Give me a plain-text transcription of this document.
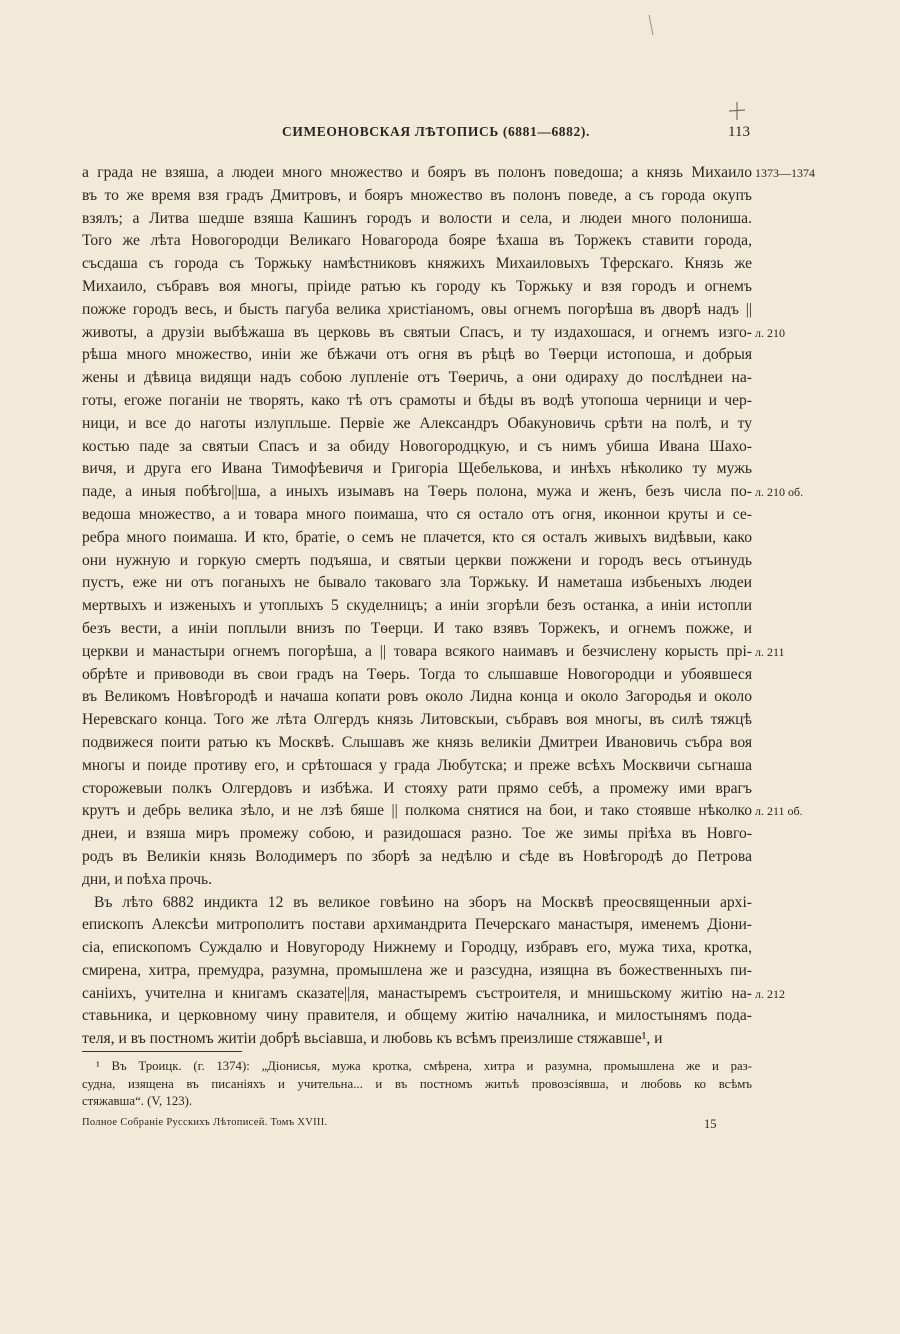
СИМЕОНОВСКАЯ ЛѢТОПИСЬ (6881—6882).	113
а града не взяша, а людеи много множество и бояръ въ полонъ поведоша; а князь Михаило
въ то же время взя градъ Дмитровъ, и бояръ множество въ полонъ поведе, а съ города окупъ
взялъ; а Литва шедше взяша Кашинъ городъ и волости и села, и людеи много полониша.
Того же лѣта Новогородци Великаго Новагорода бояре ѣхаша въ Торжекъ ставити города,
съсдаша съ города съ Торжьку намѣстниковъ княжихъ Михаиловыхъ Тферскаго. Князь же
Михаило, събравъ воя многы, прiиде ратью къ городу къ Торжьку и взя городъ и огнемъ
пожже городъ весь, и бысть пагуба велика христiаномъ, овы огнемъ погорѣша въ дворѣ надъ ||
животы, а друзiи выбѣжаша въ церковь въ святыи Спасъ, и ту издахошася, и огнемъ изго-
рѣша много множество, инiи же бѣжачи отъ огня въ рѣцѣ во Тѳерци истопоша, и добрыя
жены и дѣвица видящи надъ собою лупленiе отъ Тѳеричь, а они одираху до послѣднеи на-
готы, егоже поганiи не творять, како тѣ отъ срамоты и бѣды въ водѣ утопоша черници и чер-
ници, и все до наготы излупльше. Первiе же Александръ Обакуновичь срѣти на полѣ, и ту
костью паде за святыи Спасъ и за обиду Новогородцкую, и съ нимъ убиша Ивана Шахо-
вичя, и друга его Ивана Тимофѣевичя и Григорiа Щебелькова, и инѣхъ нѣколико ту мужь
паде, а иныя побѣго||ша, а иныхъ изымавъ на Тѳерь полона, мужа и женъ, безъ числа по-
ведоша множество, а и товара много поимаша, что ся остало отъ огня, иконнои круты и се-
ребра много поимаша. И кто, братiе, о семъ не плачется, кто ся осталъ живыхъ видѣвыи, како
они нужную и горкую смерть подъяша, и святыи церкви пожжени и городъ весь отъинудь
пустъ, еже ни отъ поганыхъ не бывало таковаго зла Торжьку. И наметаша избьеныхъ людеи
мертвыхъ и изженыхъ и утоплыхъ 5 скуделницъ; а инiи згорѣли безъ останка, а инiи истопли
безъ вести, а инiи поплыли внизъ по Тѳерци. И тако взявъ Торжекъ, и огнемъ пожже, и
церкви и манастыри огнемъ погорѣша, а || товара всякого наимавъ и безчислену корысть прi-
обрѣте и привоводи въ свои градъ на Тѳерь. Тогда то слышавше Новогородци и убоявшеся
въ Великомъ Новѣгородѣ и начаша копати ровъ около Лидна конца и около Загородья и около
Неревскаго конца. Того же лѣта Олгердъ князь Литовскыи, събравъ воя многы, въ силѣ тяжцѣ
подвижеся поити ратью къ Москвѣ. Слышавъ же князь великiи Дмитреи Ивановичь събра воя
многы и поиде противу его, и срѣтошася у града Любутска; и преже всѣхъ Москвичи сьгнаша
сторожевыи полкъ Олгердовъ и избѣжа. И стояху рати прямо себѣ, а промежу ими врагъ
крутъ и дебрь велика зѣло, и не лзѣ бяше || полкома снятися на бои, и тако стоявше нѣколко
днеи, и взяша миръ промежу собою, и разидошася разно. Тое же зимы прiѣха въ Новго-
родъ въ Великiи князь Володимеръ по зборѣ за недѣлю и сѣде въ Новѣгородѣ до Петрова
дни, и поѣха прочь.
Въ лѣто 6882 индикта 12 въ великое говѣино на зборъ на Москвѣ преосвященныи архi-
епископъ Алексѣи митрополитъ постави архимандрита Печерскаго манастыря, именемъ Дiони-
сiа, епископомъ Суждалю и Новугороду Нижнему и Городцу, избравъ его, мужа тиха, кротка,
смирена, хитра, премудра, разумна, промышлена же и разсудна, изящна въ божественныхъ пи-
санiихъ, учителна и книгамъ сказате||ля, манастыремъ състроителя, и мнишьскому житiю на-
ставьника, и церковному чину правителя, и общему житiю началника, и милостынямъ пода-
теля, и въ постномъ житiи добрѣ вьсiавша, и любовь къ всѣмъ преизлише стяжавше¹, и
1373—1374
л. 210
л. 210 об.
л. 211
л. 211 об.
л. 212
¹ Въ Троицк. (г. 1374): „Дiонисья, мужа кротка, смѣрена, хитра и разумна, промышлена же и раз-
судна, изящена въ писанiяхъ и учительна... и въ постномъ житьѣ провозсiявша, и любовь ко всѣмъ
стяжавша“. (V, 123).
Полное Собранiе Русскихъ Лѣтописей. Томъ XVIII.	15
